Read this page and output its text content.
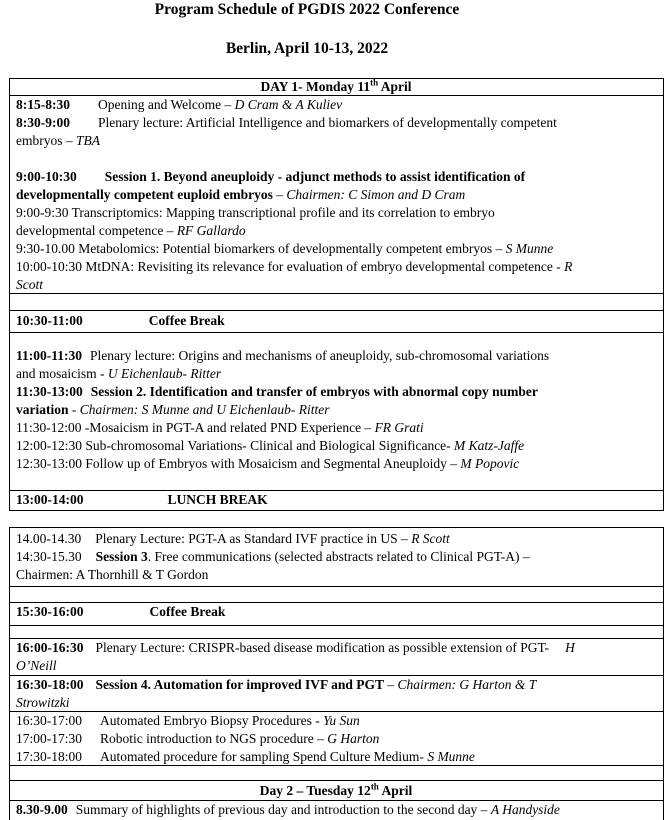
Program Schedule of PGDIS 2022 Conference
Berlin, April 10-13, 2022
DAY 1- Monday 11th April
8:15-8:30 Opening and Welcome – D Cram & A Kuliev
8:30-9:00 Plenary lecture: Artificial Intelligence and biomarkers of developmentally competent
embryos – TBA
9:00-10:30 Session 1. Beyond aneuploidy - adjunct methods to assist identification of
developmentally competent euploid embryos – Chairmen: C Simon and D Cram
9:00-9:30 Transcriptomics: Mapping transcriptional profile and its correlation to embryo
developmental competence – RF Gallardo
9:30-10.00 Metabolomics: Potential biomarkers of developmentally competent embryos – S Munne
10:00-10:30 MtDNA: Revisiting its relevance for evaluation of embryo developmental competence - R
Scott
10:30-11:00	Coffee Break
11:00-11:30 Plenary lecture: Origins and mechanisms of aneuploidy, sub-chromosomal variations
and mosaicism - U Eichenlaub- Ritter
11:30-13:00 Session 2. Identification and transfer of embryos with abnormal copy number
variation - Chairmen: S Munne and U Eichenlaub- Ritter
11:30-12:00 -Mosaicism in PGT-A and related PND Experience – FR Grati
12:00-12:30 Sub-chromosomal Variations- Clinical and Biological Significance- M Katz-Jaffe
12:30-13:00 Follow up of Embryos with Mosaicism and Segmental Aneuploidy – M Popovic
13:00-14:00	LUNCH BREAK
14.00-14.30 Plenary Lecture: PGT-A as Standard IVF practice in US – R Scott
14:30-15.30 Session 3. Free communications (selected abstracts related to Clinical PGT-A) –
Chairmen: A Thornhill & T Gordon
15:30-16:00	Coffee Break
16:00-16:30 Plenary Lecture: CRISPR-based disease modification as possible extension of PGT- H
O’Neill
16:30-18:00 Session 4. Automation for improved IVF and PGT – Chairmen: G Harton & T
Strowitzki
16:30-17:00 Automated Embryo Biopsy Procedures - Yu Sun
17:00-17:30 Robotic introduction to NGS procedure – G Harton
17:30-18:00 Automated procedure for sampling Spend Culture Medium- S Munne
Day 2 – Tuesday 12th April
8.30-9.00 Summary of highlights of previous day and introduction to the second day – A Handyside
